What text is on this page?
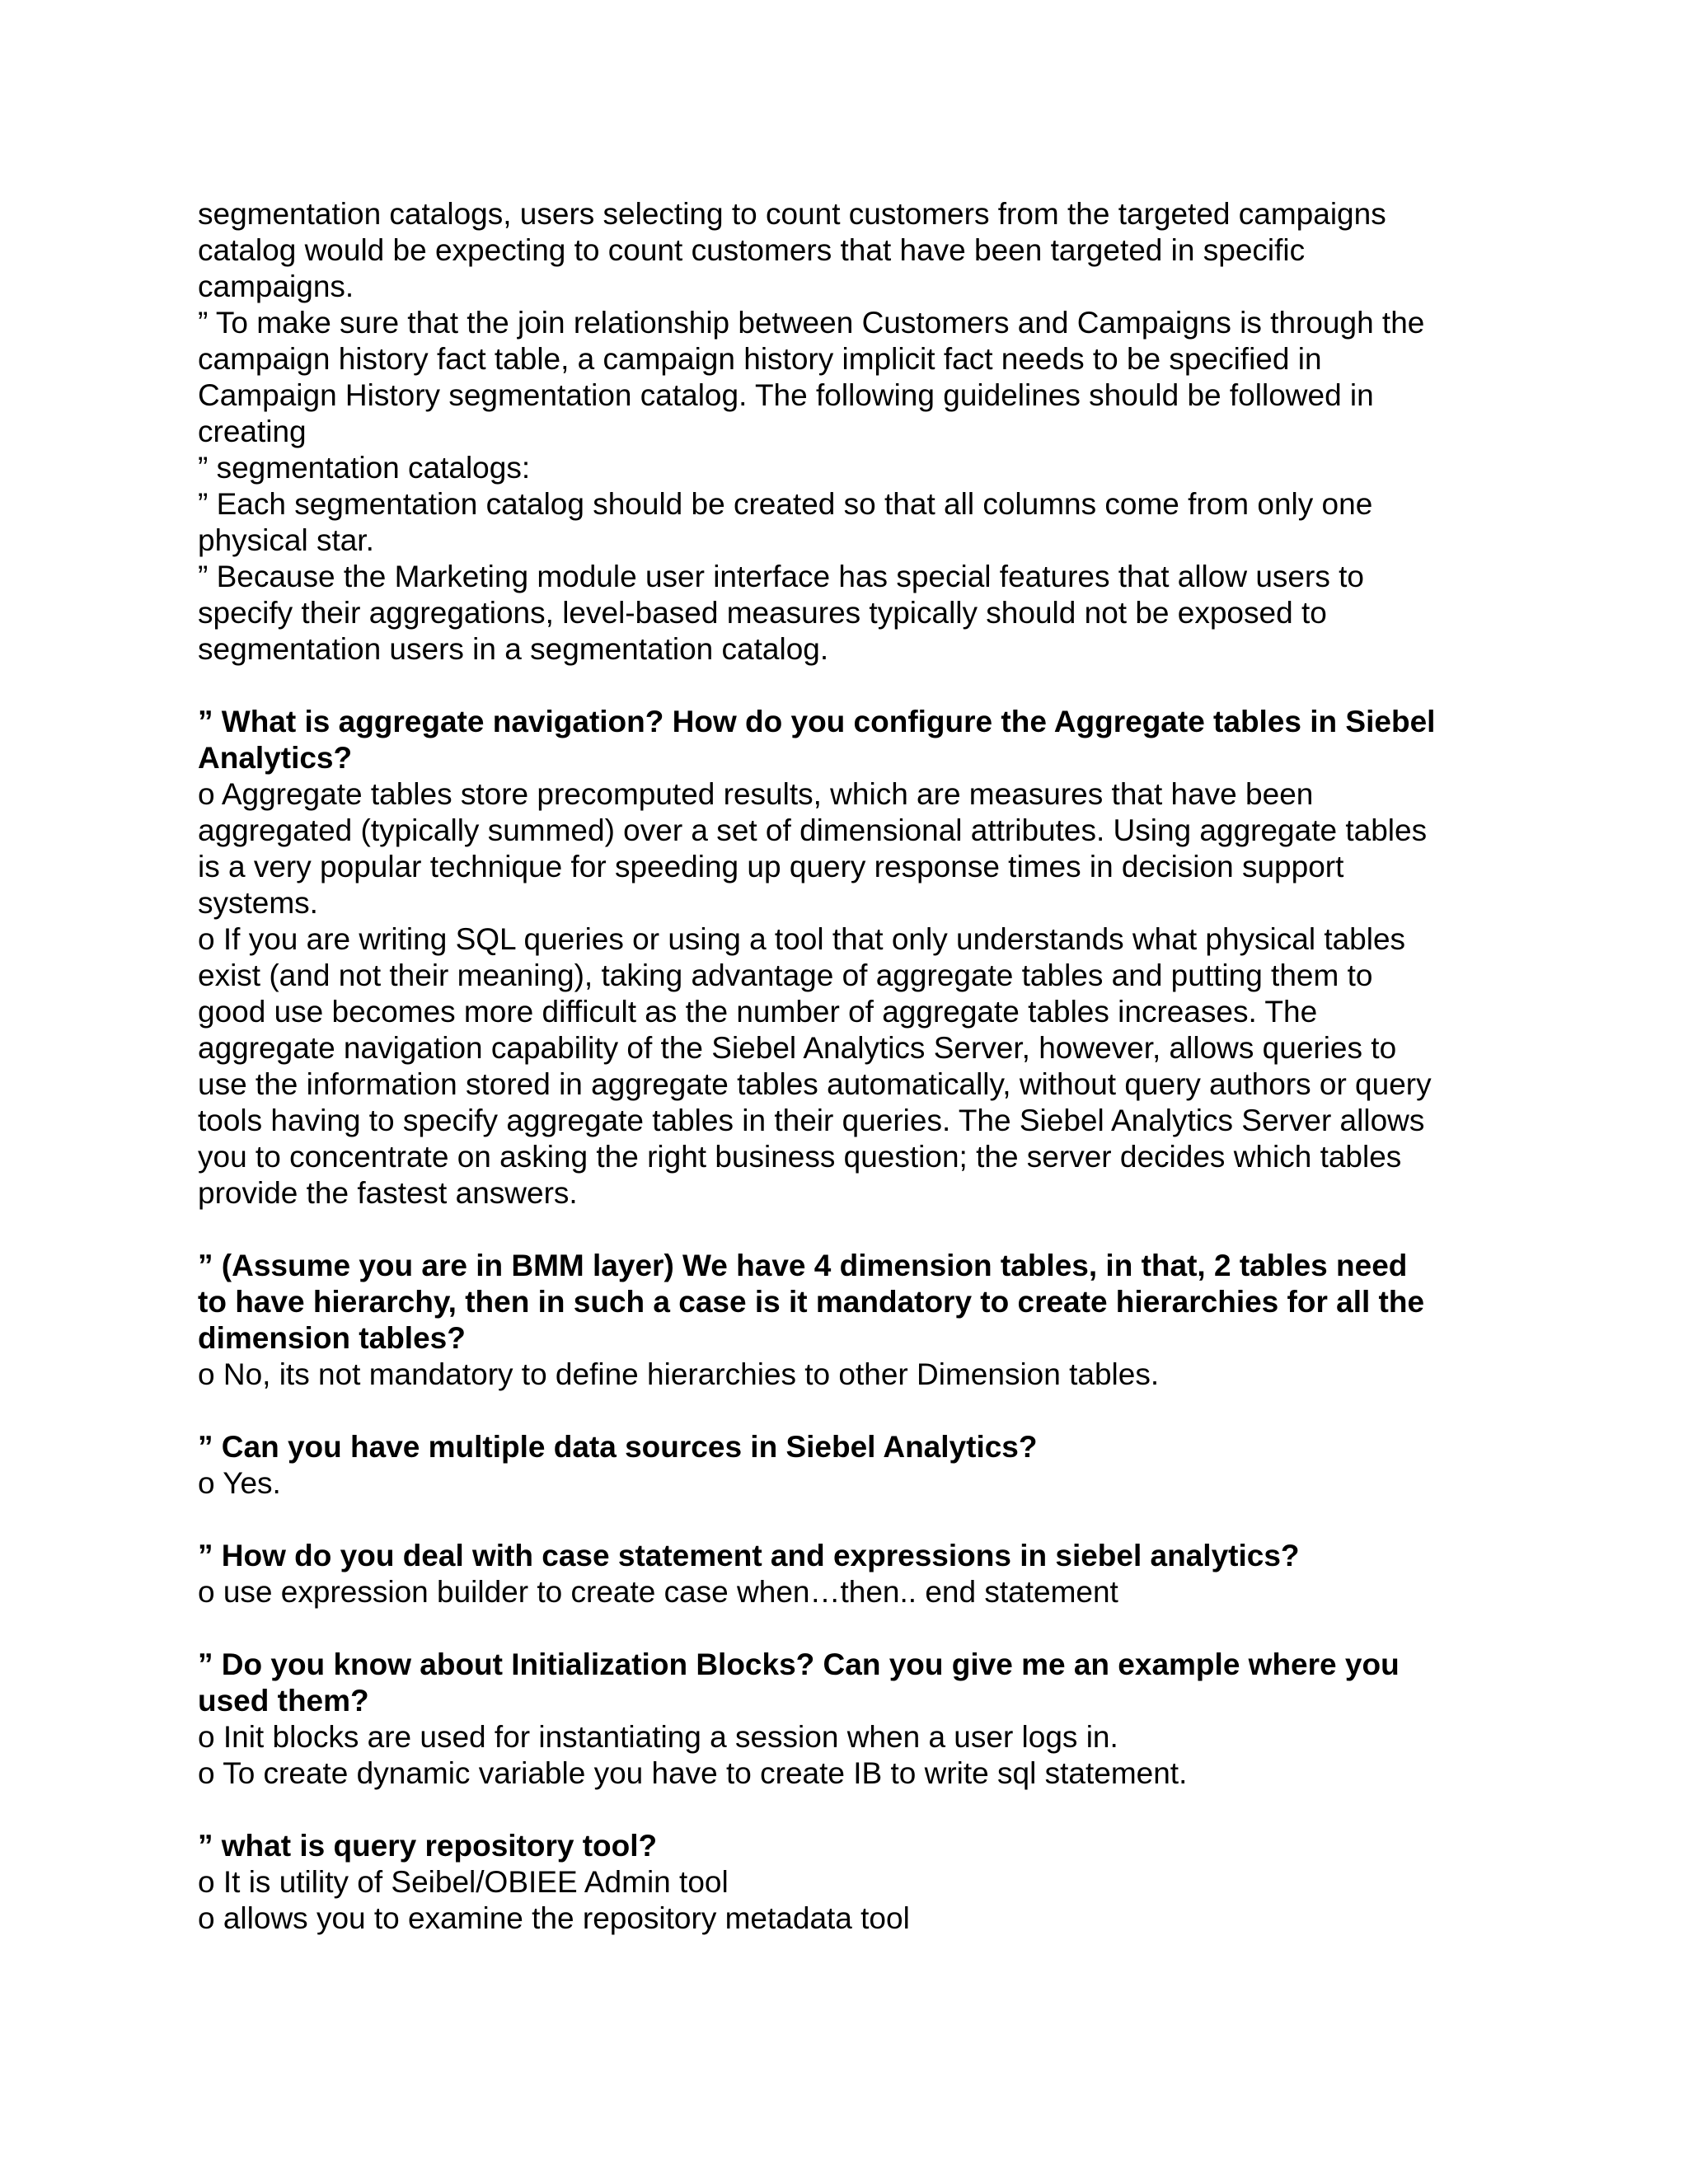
segmentation catalogs, users selecting to count customers from the targeted campaigns
catalog would be expecting to count customers that have been targeted in specific
campaigns.
” To make sure that the join relationship between Customers and Campaigns is through the
campaign history fact table, a campaign history implicit fact needs to be specified in
Campaign History segmentation catalog. The following guidelines should be followed in
creating
” segmentation catalogs:
” Each segmentation catalog should be created so that all columns come from only one
physical star.
” Because the Marketing module user interface has special features that allow users to
specify their aggregations, level-based measures typically should not be exposed to
segmentation users in a segmentation catalog.
” What is aggregate navigation? How do you configure the Aggregate tables in Siebel
Analytics?
o Aggregate tables store precomputed results, which are measures that have been
aggregated (typically summed) over a set of dimensional attributes. Using aggregate tables
is a very popular technique for speeding up query response times in decision support
systems.
o If you are writing SQL queries or using a tool that only understands what physical tables
exist (and not their meaning), taking advantage of aggregate tables and putting them to
good use becomes more difficult as the number of aggregate tables increases. The
aggregate navigation capability of the Siebel Analytics Server, however, allows queries to
use the information stored in aggregate tables automatically, without query authors or query
tools having to specify aggregate tables in their queries. The Siebel Analytics Server allows
you to concentrate on asking the right business question; the server decides which tables
provide the fastest answers.
” (Assume you are in BMM layer) We have 4 dimension tables, in that, 2 tables need
to have hierarchy, then in such a case is it mandatory to create hierarchies for all the
dimension tables?
o No, its not mandatory to define hierarchies to other Dimension tables.
” Can you have multiple data sources in Siebel Analytics?
o Yes.
” How do you deal with case statement and expressions in siebel analytics?
o use expression builder to create case when…then.. end statement
” Do you know about Initialization Blocks? Can you give me an example where you
used them?
o Init blocks are used for instantiating a session when a user logs in.
o To create dynamic variable you have to create IB to write sql statement.
” what is query repository tool?
o It is utility of Seibel/OBIEE Admin tool
o allows you to examine the repository metadata tool
